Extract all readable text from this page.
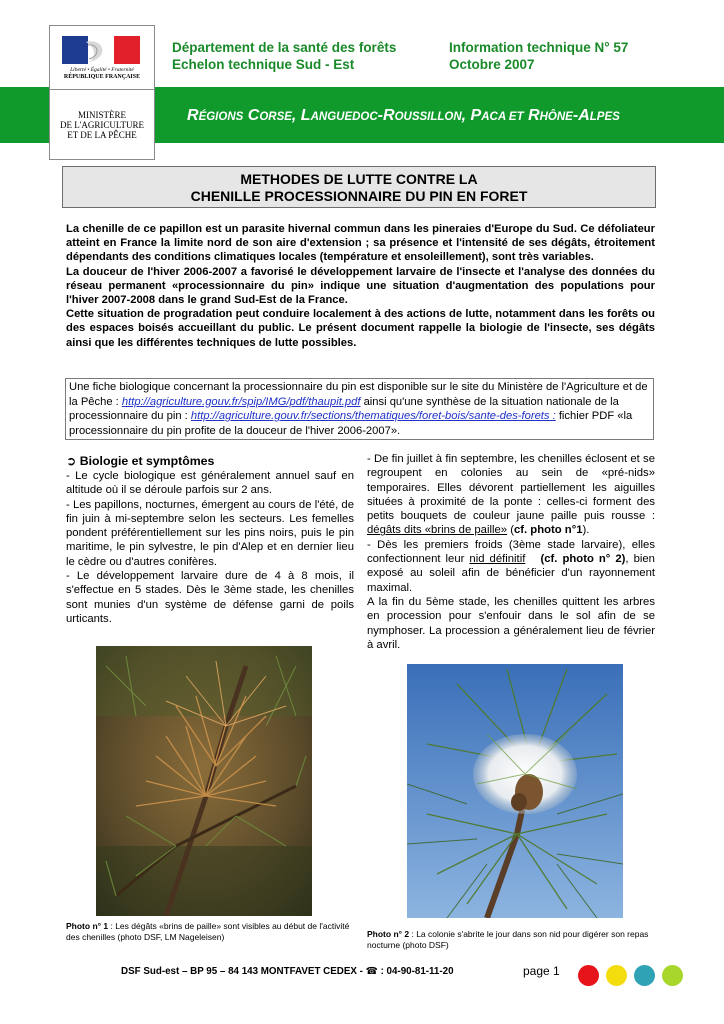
Liberté • Égalité • Fraternité
RÉPUBLIQUE FRANÇAISE
MINISTÈRE
DE L'AGRICULTURE
ET DE LA PÊCHE
Département de la santé des forêts
Echelon technique Sud - Est
Information technique N° 57
Octobre 2007
RÉGIONS CORSE, LANGUEDOC-ROUSSILLON, PACA ET RHÔNE-ALPES
METHODES DE LUTTE CONTRE LA
CHENILLE PROCESSIONNAIRE DU PIN EN FORET

La chenille de ce papillon est un parasite hivernal commun dans les pineraies d'Europe du Sud. Ce défoliateur atteint en France la limite nord de son aire d'extension ; sa présence et l'intensité de ses dégâts, étroitement dépendants des conditions climatiques locales (température et ensoleillement), sont très variables.

La douceur de l'hiver 2006-2007 a favorisé le développement larvaire de l'insecte et l'analyse des données du réseau permanent «processionnaire du pin» indique une situation d'augmentation des populations pour l'hiver 2007-2008 dans le grand Sud-Est de la France.

Cette situation de progradation peut conduire localement à des actions de lutte, notamment dans les forêts ou des espaces boisés accueillant du public. Le présent document rappelle la biologie de l'insecte, ses dégâts ainsi que les différentes techniques de lutte possibles.

Une fiche biologique concernant la processionnaire du pin est disponible sur le site du Ministère de l'Agriculture et de la Pêche : http://agriculture.gouv.fr/spip/IMG/pdf/thaupit.pdf ainsi qu'une synthèse de la situation nationale de la processionnaire du pin : http://agriculture.gouv.fr/sections/thematiques/foret-bois/sante-des-forets : fichier PDF «la processionnaire du pin profite de la douceur de l'hiver 2006-2007».
➲ Biologie et symptômes

- Le cycle biologique est généralement annuel sauf en altitude où il se déroule parfois sur 2 ans.

- Les papillons, nocturnes, émergent au cours de l'été, de fin juin à mi-septembre selon les secteurs. Les femelles pondent préférentiellement sur les pins noirs, puis le pin maritime, le pin sylvestre, le pin d'Alep et en dernier lieu le cèdre ou d'autres conifères.

- Le développement larvaire dure de 4 à 8 mois, il s'effectue en 5 stades. Dès le 3ème stade, les chenilles sont munies d'un système de défense garni de poils urticants.

- De fin juillet à fin septembre, les chenilles éclosent et se regroupent en colonies au sein de «pré-nids» temporaires. Elles dévorent partiellement les aiguilles situées à proximité de la ponte : celles-ci forment des petits bouquets de couleur jaune paille puis rousse : dégâts dits «brins de paille» (cf. photo n°1).

- Dès les premiers froids (3ème stade larvaire), elles confectionnent leur nid définitif (cf. photo n° 2), bien exposé au soleil afin de bénéficier d'un rayonnement maximal.

A la fin du 5ème stade, les chenilles quittent les arbres en procession pour s'enfouir dans le sol afin de se nymphoser. La procession a généralement lieu de février à avril.

Photo n° 1 : Les dégâts «brins de paille» sont visibles au début de l'activité des chenilles (photo DSF, LM Nageleisen)	Photo n° 2 : La colonie s'abrite le jour dans son nid pour digérer son repas nocturne (photo DSF)
DSF Sud-est – BP 95 – 84 143 MONTFAVET CEDEX - ☎ : 04-90-81-11-20	page 1
